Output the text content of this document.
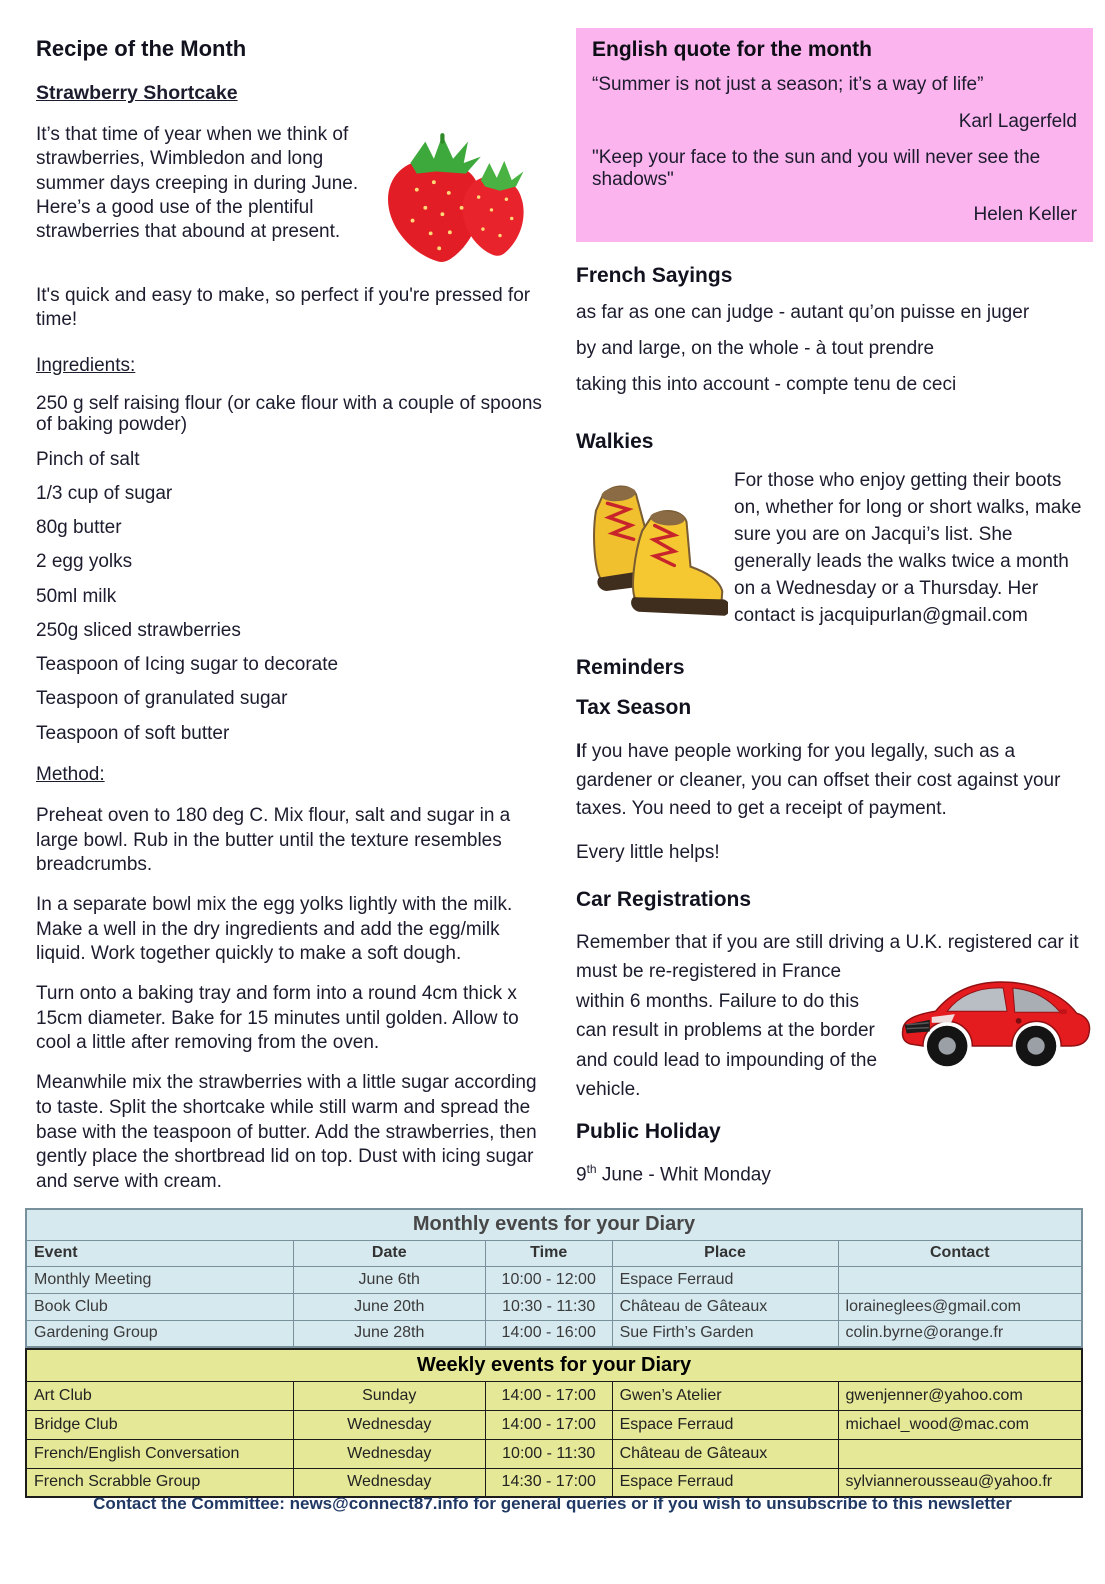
Recipe of the Month
Strawberry Shortcake

It’s that time of year when we think of strawberries, Wimbledon and long summer days creeping in during June. Here’s a good use of the plentiful strawberries that abound at present.

It's quick and easy to make, so perfect if you're pressed for time!

Ingredients:

250 g self raising flour (or cake flour with a couple of spoons of baking powder)

Pinch of salt

1/3 cup of sugar

80g butter

2 egg yolks

50ml milk

250g sliced strawberries

Teaspoon of Icing sugar to decorate

Teaspoon of granulated sugar

Teaspoon of soft butter

Method:

Preheat oven to 180 deg C. Mix flour, salt and sugar in a large bowl. Rub in the butter until the texture resembles breadcrumbs.

In a separate bowl mix the egg yolks lightly with the milk. Make a well in the dry ingredients and add the egg/milk liquid. Work together quickly to make a soft dough.

Turn onto a baking tray and form into a round 4cm thick x 15cm diameter. Bake for 15 minutes until golden. Allow to cool a little after removing from the oven.

Meanwhile mix the strawberries with a little sugar according to taste. Split the shortcake while still warm and spread the base with the teaspoon of butter. Add the strawberries, then gently place the shortbread lid on top. Dust with icing sugar and serve with cream.

English quote for the month

“Summer is not just a season; it’s a way of life”

Karl Lagerfeld

"Keep your face to the sun and you will never see the shadows"

Helen Keller

French Sayings

as far as one can judge - autant qu’on puisse en juger

by and large, on the whole - à tout prendre

taking this into account - compte tenu de ceci

Walkies
For those who enjoy getting their boots on, whether for long or short walks, make sure you are on Jacqui’s list. She generally leads the walks twice a month on a Wednesday or a Thursday. Her contact is jacquipurlan@gmail.com
Reminders
Tax Season

If you have people working for you legally, such as a gardener or cleaner, you can offset their cost against your taxes. You need to get a receipt of payment.

Every little helps!

Car Registrations

Remember that if you are still driving a U.K.
registered car it must be re-registered in France within 6 months. Failure to do this can result in problems at the border and could lead to impounding of the vehicle.

Public Holiday

9th June - Whit Monday

Monthly events for your Diary				
Event	Date	Time	Place	Contact
Monthly Meeting	June 6th	10:00 - 12:00	Espace Ferraud	
Book Club	June 20th	10:30 - 11:30	Château de Gâteaux	loraineglees@gmail.com
Gardening Group	June 28th	14:00 - 16:00	Sue Firth’s Garden	colin.byrne@orange.fr
Weekly events for your Diary				
Art Club	Sunday	14:00 - 17:00	Gwen’s Atelier	gwenjenner@yahoo.com
Bridge Club	Wednesday	14:00 - 17:00	Espace Ferraud	michael_wood@mac.com
French/English Conversation	Wednesday	10:00 - 11:30	Château de Gâteaux	
French Scrabble Group	Wednesday	14:30 - 17:00	Espace Ferraud	sylviannerousseau@yahoo.fr
Contact the Committee: news@connect87.info for general queries or if you wish to unsubscribe to this newsletter
